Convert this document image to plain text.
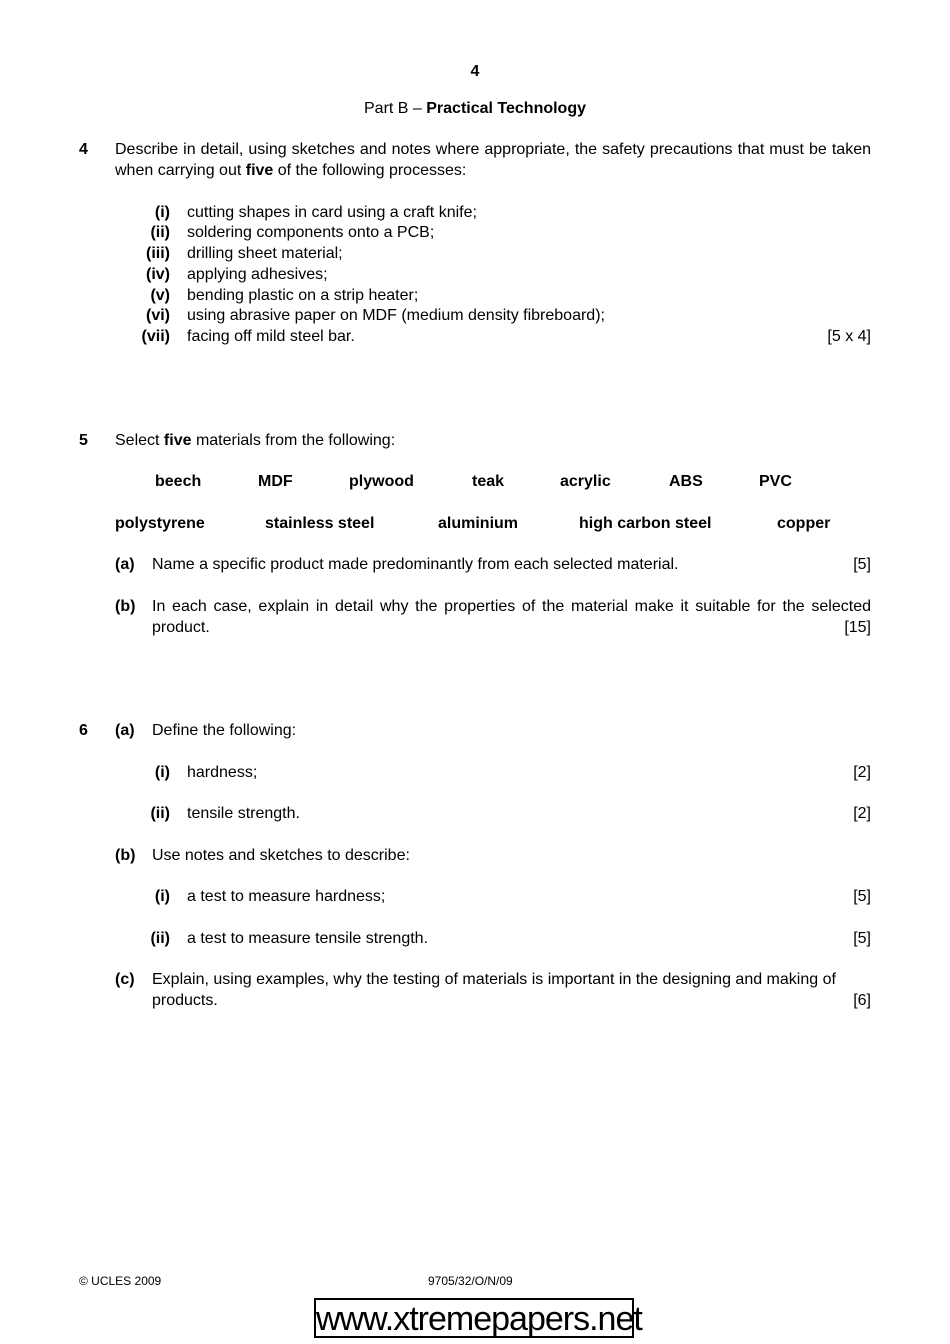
4
Part B – Practical Technology
4 Describe in detail, using sketches and notes where appropriate, the safety precautions that must be taken when carrying out five of the following processes:
(i) cutting shapes in card using a craft knife;
(ii) soldering components onto a PCB;
(iii) drilling sheet material;
(iv) applying adhesives;
(v) bending plastic on a strip heater;
(vi) using abrasive paper on MDF (medium density fibreboard);
(vii) facing off mild steel bar.	[5 x 4]
5 Select five materials from the following:
beech	MDF	plywood	teak	acrylic	ABS	PVC
polystyrene	stainless steel	aluminium	high carbon steel	copper
(a) Name a specific product made predominantly from each selected material.	[5]
(b) In each case, explain in detail why the properties of the material make it suitable for the selected product.	[15]
6 (a) Define the following:
(i) hardness;	[2]
(ii) tensile strength.	[2]
(b) Use notes and sketches to describe:
(i) a test to measure hardness;	[5]
(ii) a test to measure tensile strength.	[5]
(c) Explain, using examples, why the testing of materials is important in the designing and making of products.	[6]
© UCLES 2009	9705/32/O/N/09
www.xtremepapers.net
